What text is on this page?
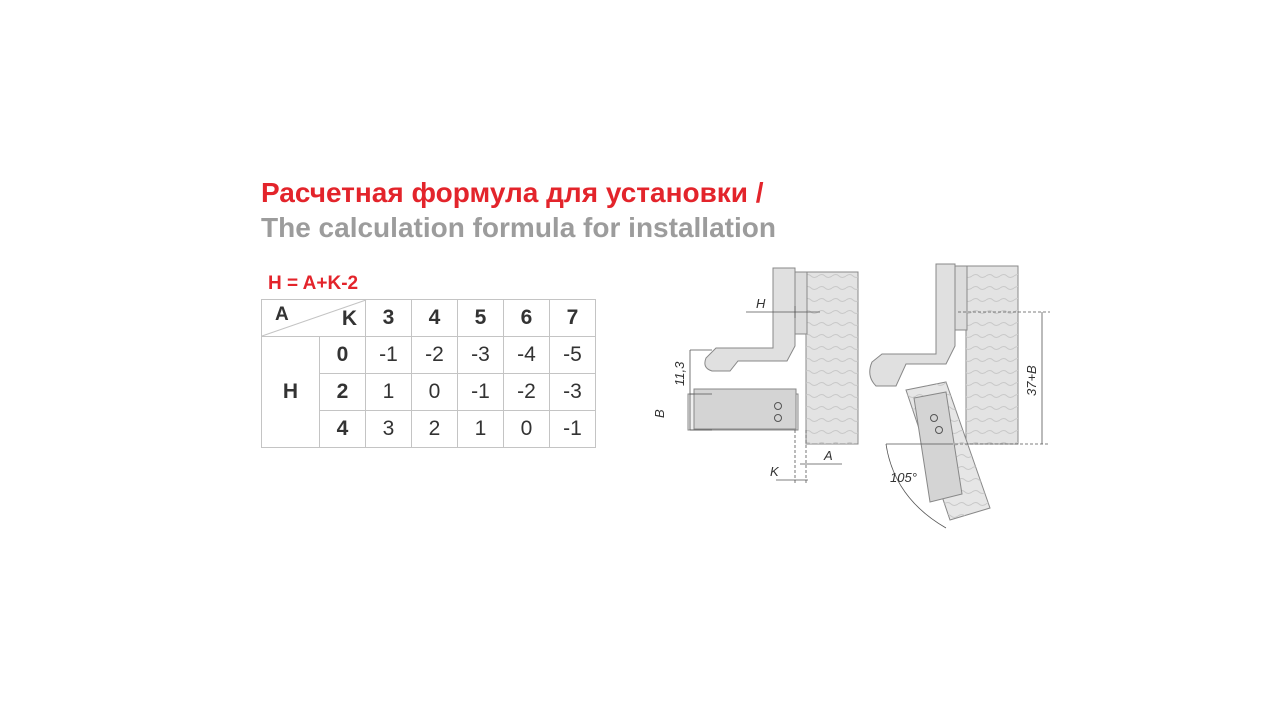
Расчетная формула для установки /
The calculation formula for installation
H = A+K-2
A K		3	4	5	6	7
H	0	-1	-2	-3	-4	-5
	2	1	0	-1	-2	-3
	4	3	2	1	0	-1
H
11,3
B
K
A
37+B
105°
